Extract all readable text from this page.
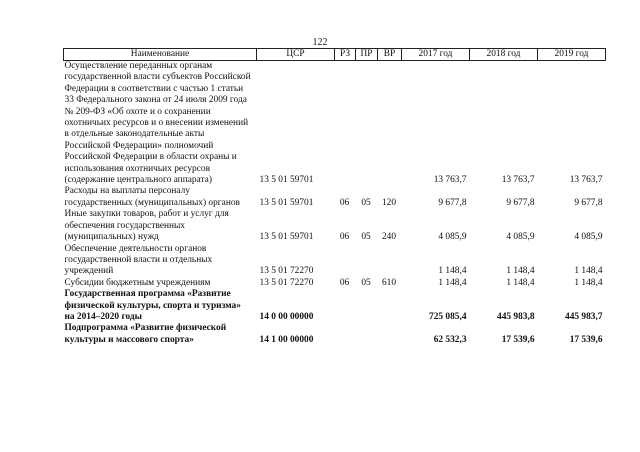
122
Наименование	ЦСР	РЗ	ПР	ВР	2017 год	2018 год	2019 год
Осуществление переданных органам государственной власти субъектов Российской Федерации в соответствии с частью 1 статьи 33 Федерального закона от 24 июля 2009 года № 209-ФЗ «Об охоте и о сохранении охотничьих ресурсов и о внесении изменений в отдельные законодательные акты Российской Федерации» полномочий Российской Федерации в области охраны и использования охотничьих ресурсов (содержание центрального аппарата)	13 5 01 59701				13 763,7	13 763,7	13 763,7
Расходы на выплаты персоналу государственных (муниципальных) органов	13 5 01 59701	06	05	120	9 677,8	9 677,8	9 677,8
Иные закупки товаров, работ и услуг для обеспечения государственных (муниципальных) нужд	13 5 01 59701	06	05	240	4 085,9	4 085,9	4 085,9
Обеспечение деятельности органов государственной власти и отдельных учреждений	13 5 01 72270				1 148,4	1 148,4	1 148,4
Субсидии бюджетным учреждениям	13 5 01 72270	06	05	610	1 148,4	1 148,4	1 148,4
Государственная программа «Развитие физической культуры, спорта и туризма» на 2014–2020 годы	14 0 00 00000				725 085,4	445 983,8	445 983,7
Подпрограмма «Развитие физической культуры и массового спорта»	14 1 00 00000				62 532,3	17 539,6	17 539,6
